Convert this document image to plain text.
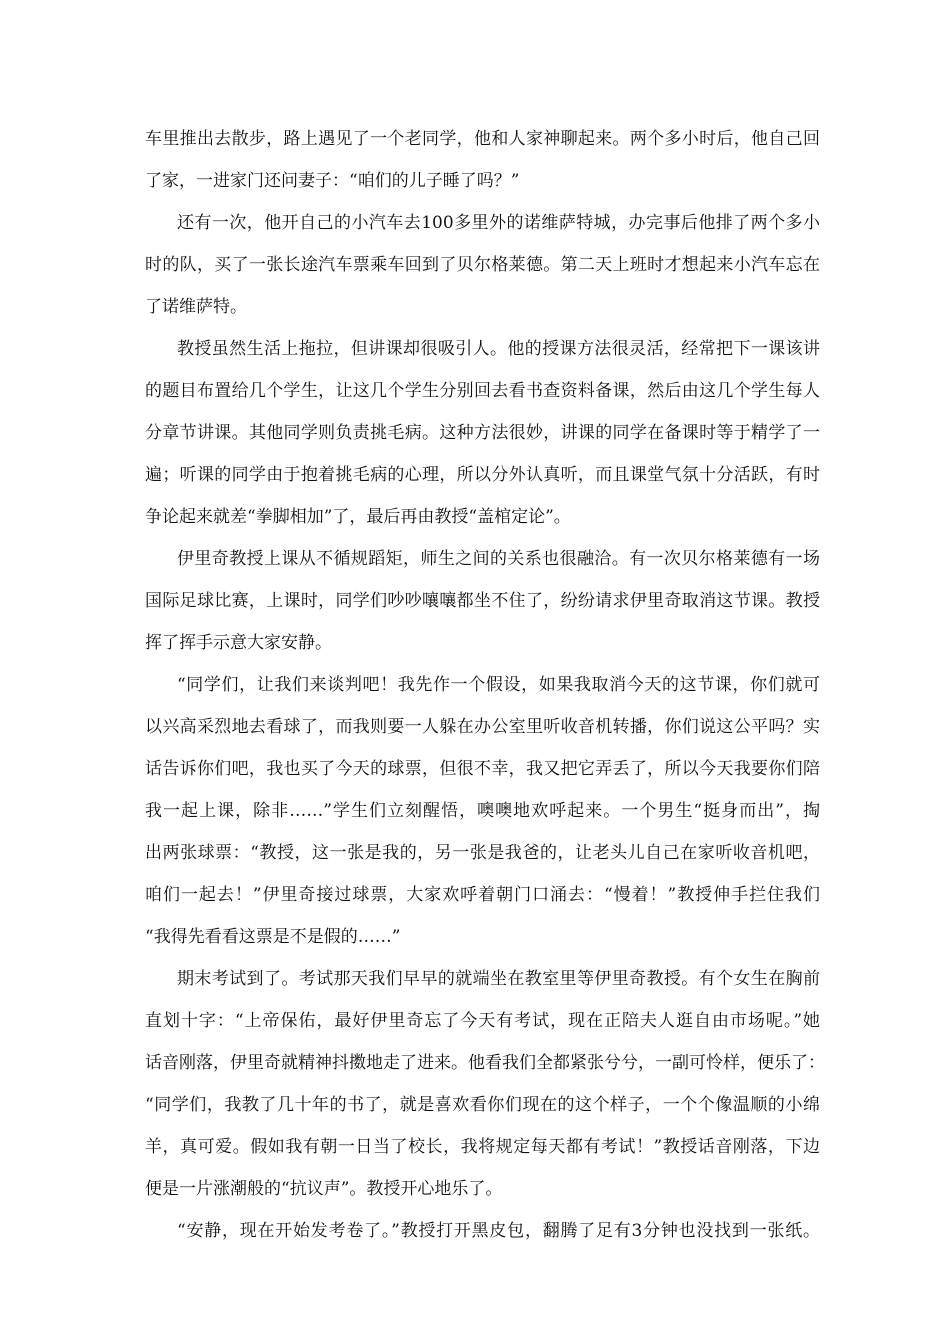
车里推出去散步，路上遇见了一个老同学，他和人家神聊起来。两个多小时后，他自己回
了家，一进家门还问妻子：“咱们的儿子睡了吗？”
还有一次，他开自己的小汽车去100多里外的诺维萨特城，办完事后他排了两个多小
时的队，买了一张长途汽车票乘车回到了贝尔格莱德。第二天上班时才想起来小汽车忘在
了诺维萨特。
教授虽然生活上拖拉，但讲课却很吸引人。他的授课方法很灵活，经常把下一课该讲
的题目布置给几个学生，让这几个学生分别回去看书查资料备课，然后由这几个学生每人
分章节讲课。其他同学则负责挑毛病。这种方法很妙，讲课的同学在备课时等于精学了一
遍；听课的同学由于抱着挑毛病的心理，所以分外认真听，而且课堂气氛十分活跃，有时
争论起来就差“拳脚相加”了，最后再由教授“盖棺定论”。
伊里奇教授上课从不循规蹈矩，师生之间的关系也很融洽。有一次贝尔格莱德有一场
国际足球比赛，上课时，同学们吵吵嚷嚷都坐不住了，纷纷请求伊里奇取消这节课。教授
挥了挥手示意大家安静。
“同学们，让我们来谈判吧！我先作一个假设，如果我取消今天的这节课，你们就可
以兴高采烈地去看球了，而我则要一人躲在办公室里听收音机转播，你们说这公平吗？实
话告诉你们吧，我也买了今天的球票，但很不幸，我又把它弄丢了，所以今天我要你们陪
我一起上课，除非……”学生们立刻醒悟，噢噢地欢呼起来。一个男生“挺身而出”，掏
出两张球票：“教授，这一张是我的，另一张是我爸的，让老头儿自己在家听收音机吧，
咱们一起去！”伊里奇接过球票，大家欢呼着朝门口涌去：“慢着！”教授伸手拦住我们
“我得先看看这票是不是假的……”
期末考试到了。考试那天我们早早的就端坐在教室里等伊里奇教授。有个女生在胸前
直划十字：“上帝保佑，最好伊里奇忘了今天有考试，现在正陪夫人逛自由市场呢。”她
话音刚落，伊里奇就精神抖擞地走了进来。他看我们全都紧张兮兮，一副可怜样，便乐了：
“同学们，我教了几十年的书了，就是喜欢看你们现在的这个样子，一个个像温顺的小绵
羊，真可爱。假如我有朝一日当了校长，我将规定每天都有考试！”教授话音刚落，下边
便是一片涨潮般的“抗议声”。教授开心地乐了。
“安静，现在开始发考卷了。”教授打开黑皮包，翻腾了足有3分钟也没找到一张纸。
